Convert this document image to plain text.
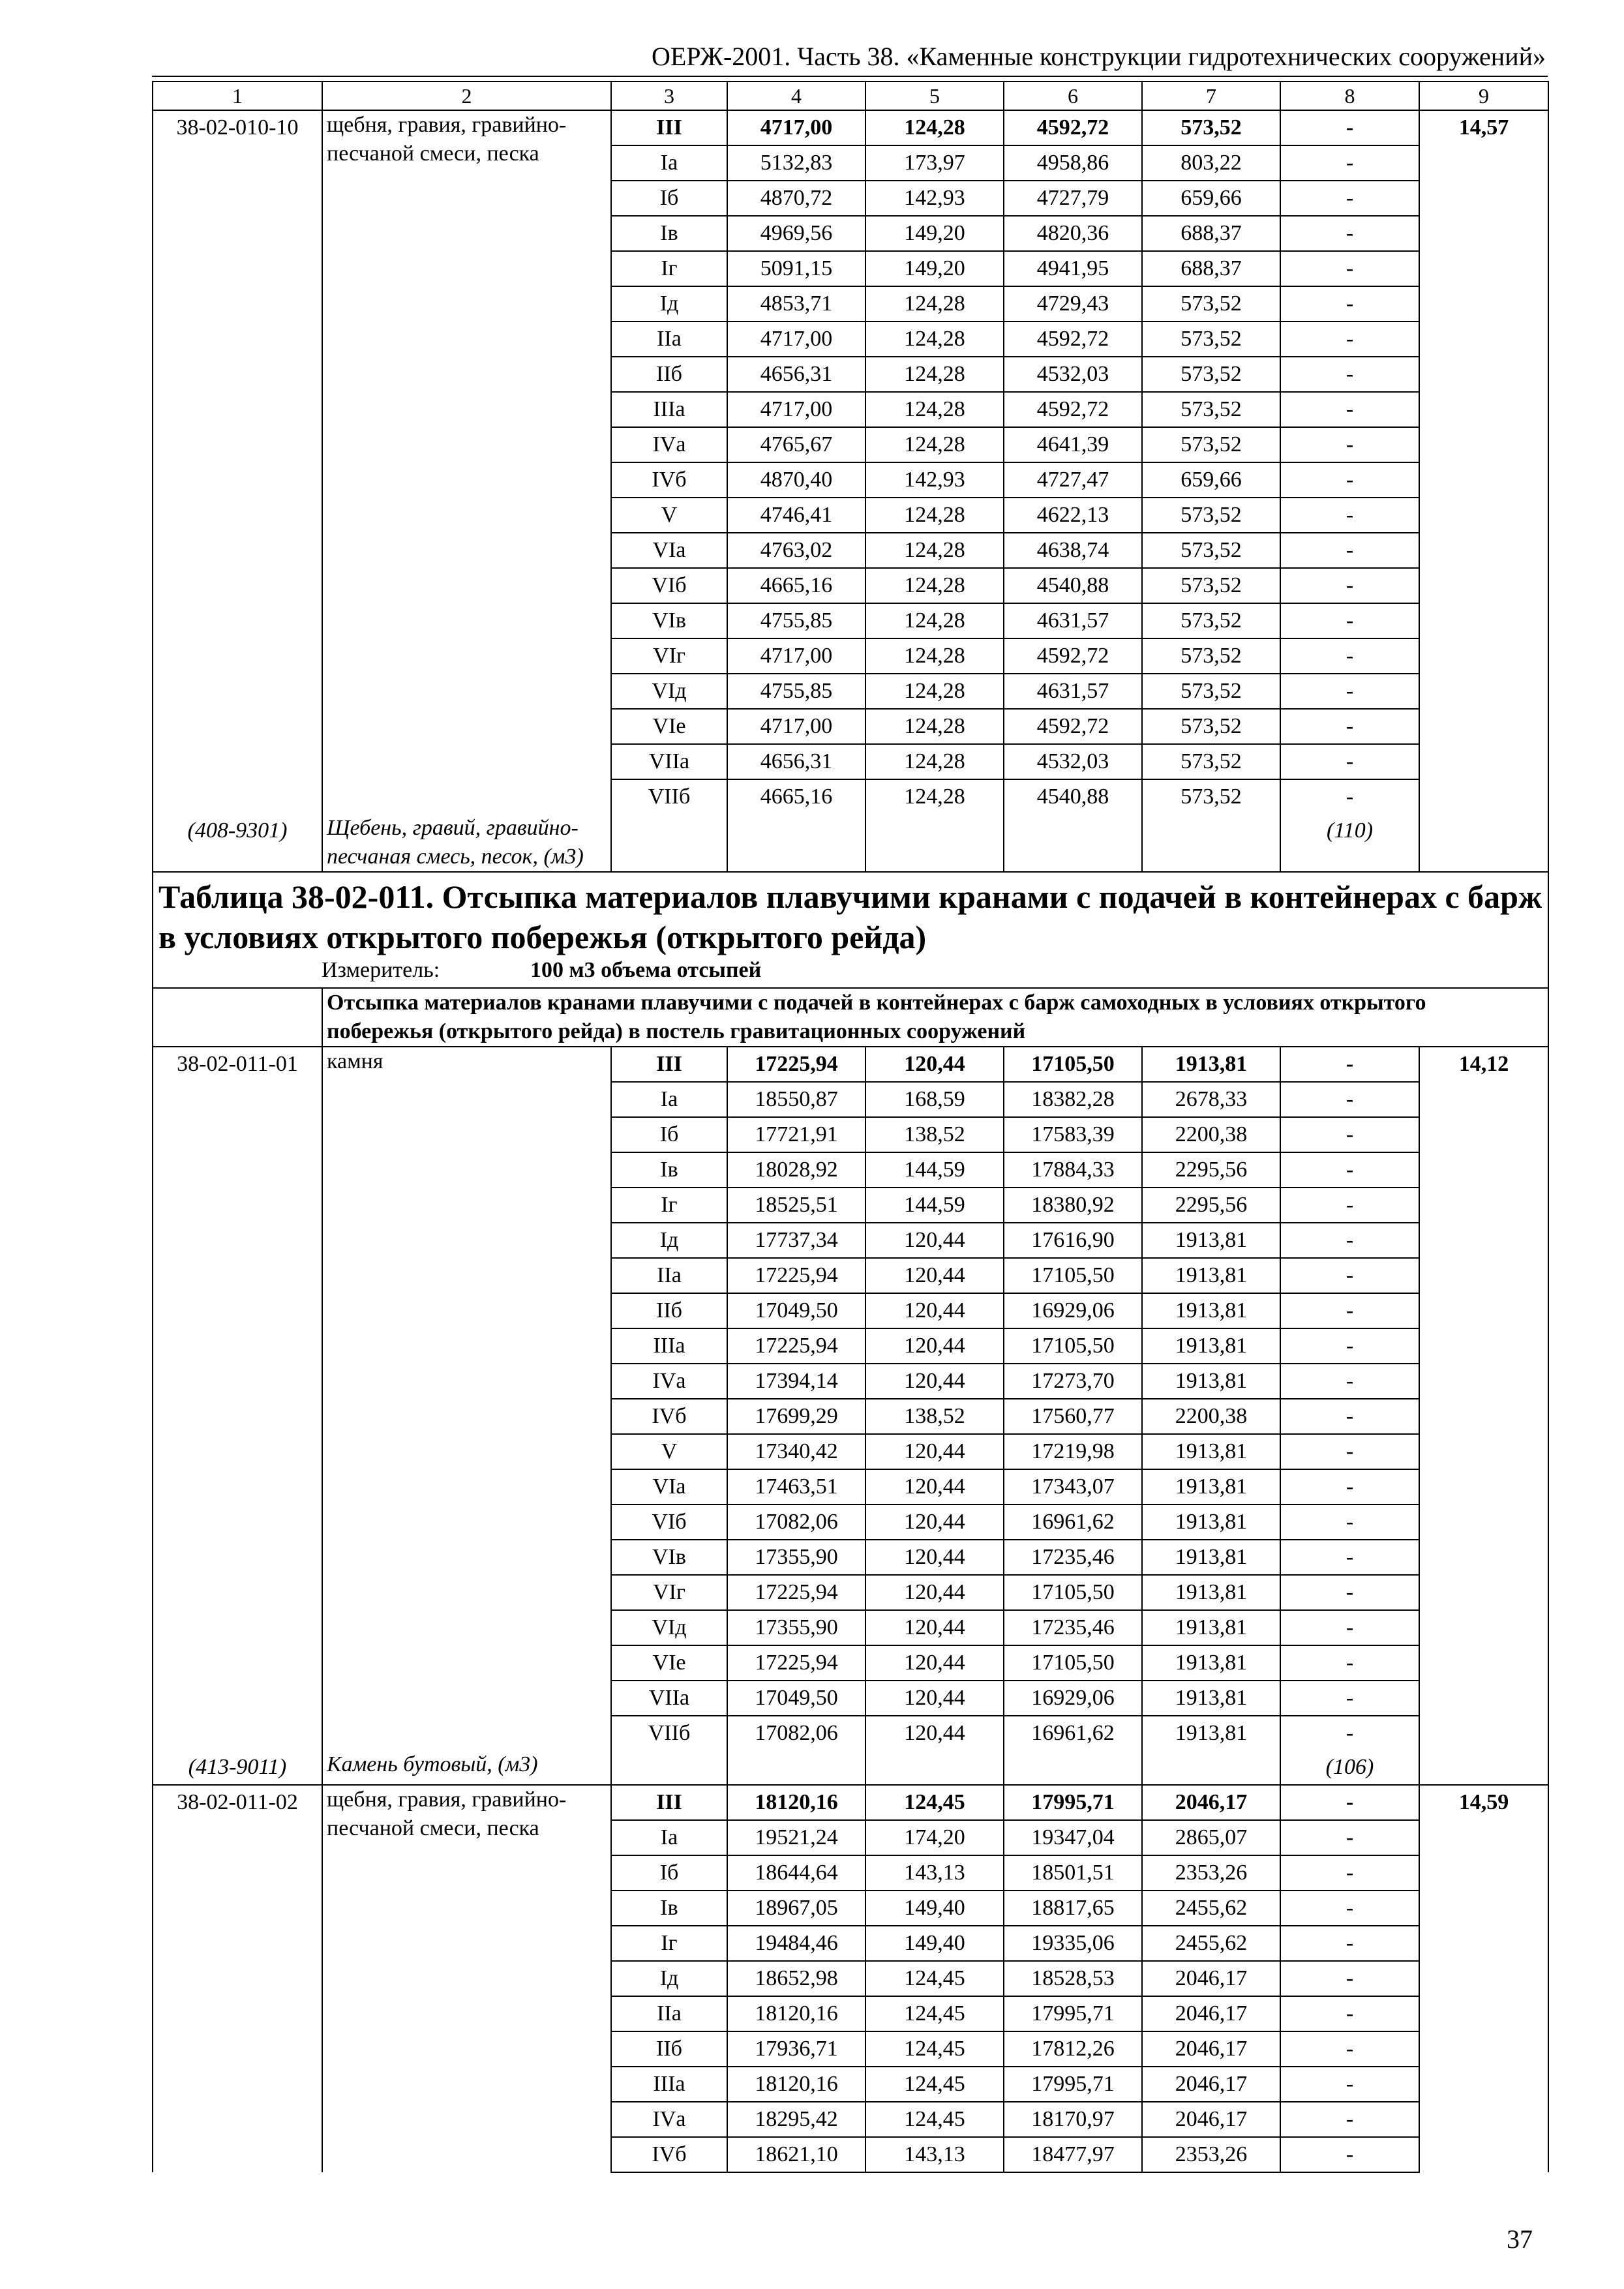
ОЕРЖ-2001. Часть 38. «Каменные конструкции гидротехнических сооружений»
1	2	3	4	5	6	7	8	9
38-02-010-10	щебня, гравия, гравийно-песчаной смеси, песка	III	4717,00	124,28	4592,72	573,52	-	14,57
		Iа	5132,83	173,97	4958,86	803,22	-	
		Iб	4870,72	142,93	4727,79	659,66	-	
		Iв	4969,56	149,20	4820,36	688,37	-	
		Iг	5091,15	149,20	4941,95	688,37	-	
		Iд	4853,71	124,28	4729,43	573,52	-	
		IIа	4717,00	124,28	4592,72	573,52	-	
		IIб	4656,31	124,28	4532,03	573,52	-	
		IIIа	4717,00	124,28	4592,72	573,52	-	
		IVа	4765,67	124,28	4641,39	573,52	-	
		IVб	4870,40	142,93	4727,47	659,66	-	
		V	4746,41	124,28	4622,13	573,52	-	
		VIа	4763,02	124,28	4638,74	573,52	-	
		VIб	4665,16	124,28	4540,88	573,52	-	
		VIв	4755,85	124,28	4631,57	573,52	-	
		VIг	4717,00	124,28	4592,72	573,52	-	
		VIд	4755,85	124,28	4631,57	573,52	-	
		VIе	4717,00	124,28	4592,72	573,52	-	
		VIIа	4656,31	124,28	4532,03	573,52	-	
		VIIб	4665,16	124,28	4540,88	573,52	-	
(408-9301)	Щебень, гравий, гравийно-песчаная смесь, песок, (м3)						(110)	

Таблица 38-02-011. Отсыпка материалов плавучими кранами с подачей в контейнерах с барж в условиях открытого побережья (открытого рейда)
Измеритель: 100 м3 объема отсыпей								

	Отсыпка материалов кранами плавучими с подачей в контейнерах с барж самоходных в условиях открытого побережья (открытого рейда) в постель гравитационных сооружений							
38-02-011-01	камня	III	17225,94	120,44	17105,50	1913,81	-	14,12
		Iа	18550,87	168,59	18382,28	2678,33	-	
		Iб	17721,91	138,52	17583,39	2200,38	-	
		Iв	18028,92	144,59	17884,33	2295,56	-	
		Iг	18525,51	144,59	18380,92	2295,56	-	
		Iд	17737,34	120,44	17616,90	1913,81	-	
		IIа	17225,94	120,44	17105,50	1913,81	-	
		IIб	17049,50	120,44	16929,06	1913,81	-	
		IIIа	17225,94	120,44	17105,50	1913,81	-	
		IVа	17394,14	120,44	17273,70	1913,81	-	
		IVб	17699,29	138,52	17560,77	2200,38	-	
		V	17340,42	120,44	17219,98	1913,81	-	
		VIа	17463,51	120,44	17343,07	1913,81	-	
		VIб	17082,06	120,44	16961,62	1913,81	-	
		VIв	17355,90	120,44	17235,46	1913,81	-	
		VIг	17225,94	120,44	17105,50	1913,81	-	
		VIд	17355,90	120,44	17235,46	1913,81	-	
		VIе	17225,94	120,44	17105,50	1913,81	-	
		VIIа	17049,50	120,44	16929,06	1913,81	-	
		VIIб	17082,06	120,44	16961,62	1913,81	-	
(413-9011)	Камень бутовый, (м3)						(106)	
38-02-011-02	щебня, гравия, гравийно-песчаной смеси, песка	III	18120,16	124,45	17995,71	2046,17	-	14,59
		Iа	19521,24	174,20	19347,04	2865,07	-	
		Iб	18644,64	143,13	18501,51	2353,26	-	
		Iв	18967,05	149,40	18817,65	2455,62	-	
		Iг	19484,46	149,40	19335,06	2455,62	-	
		Iд	18652,98	124,45	18528,53	2046,17	-	
		IIа	18120,16	124,45	17995,71	2046,17	-	
		IIб	17936,71	124,45	17812,26	2046,17	-	
		IIIа	18120,16	124,45	17995,71	2046,17	-	
		IVа	18295,42	124,45	18170,97	2046,17	-	
		IVб	18621,10	143,13	18477,97	2353,26	-	
37
